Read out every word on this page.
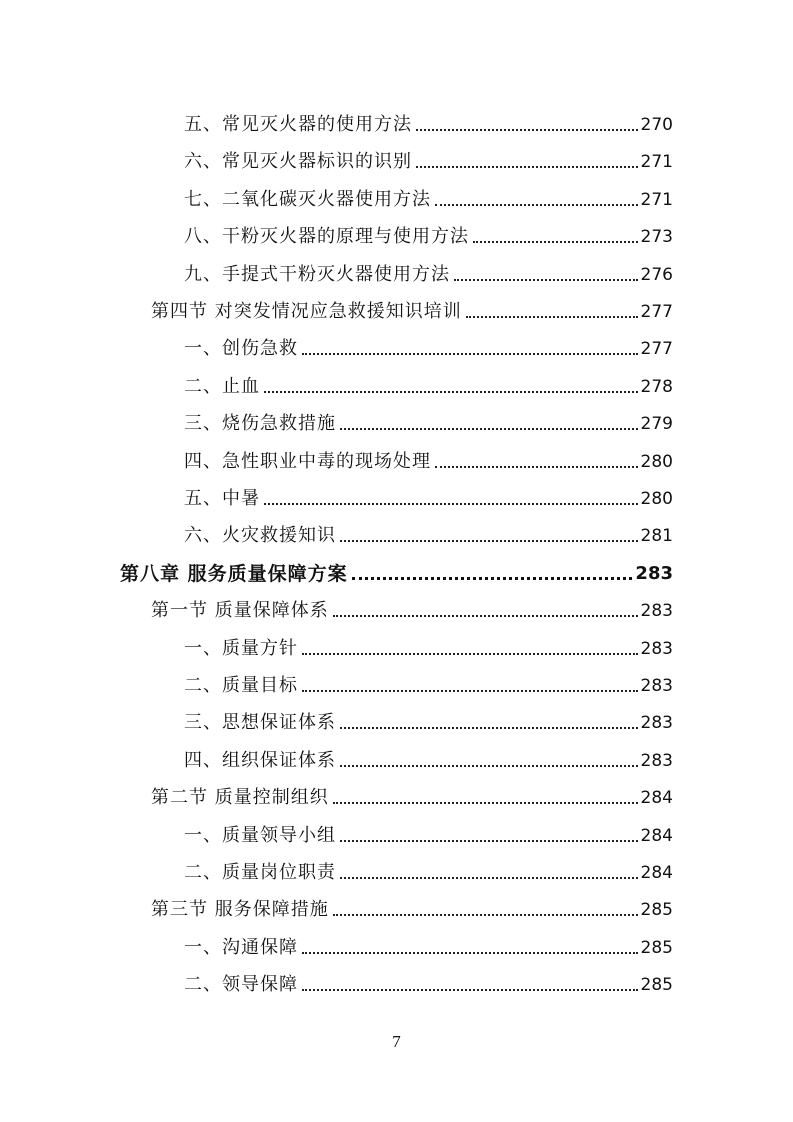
五、常见灭火器的使用方法	270
六、常见灭火器标识的识别	271
七、二氧化碳灭火器使用方法	271
八、干粉灭火器的原理与使用方法	273
九、手提式干粉灭火器使用方法	276
第四节 对突发情况应急救援知识培训	277
一、创伤急救	277
二、止血	278
三、烧伤急救措施	279
四、急性职业中毒的现场处理	280
五、中暑	280
六、火灾救援知识	281
第八章 服务质量保障方案	283
第一节 质量保障体系	283
一、质量方针	283
二、质量目标	283
三、思想保证体系	283
四、组织保证体系	283
第二节 质量控制组织	284
一、质量领导小组	284
二、质量岗位职责	284
第三节 服务保障措施	285
一、沟通保障	285
二、领导保障	285
7
